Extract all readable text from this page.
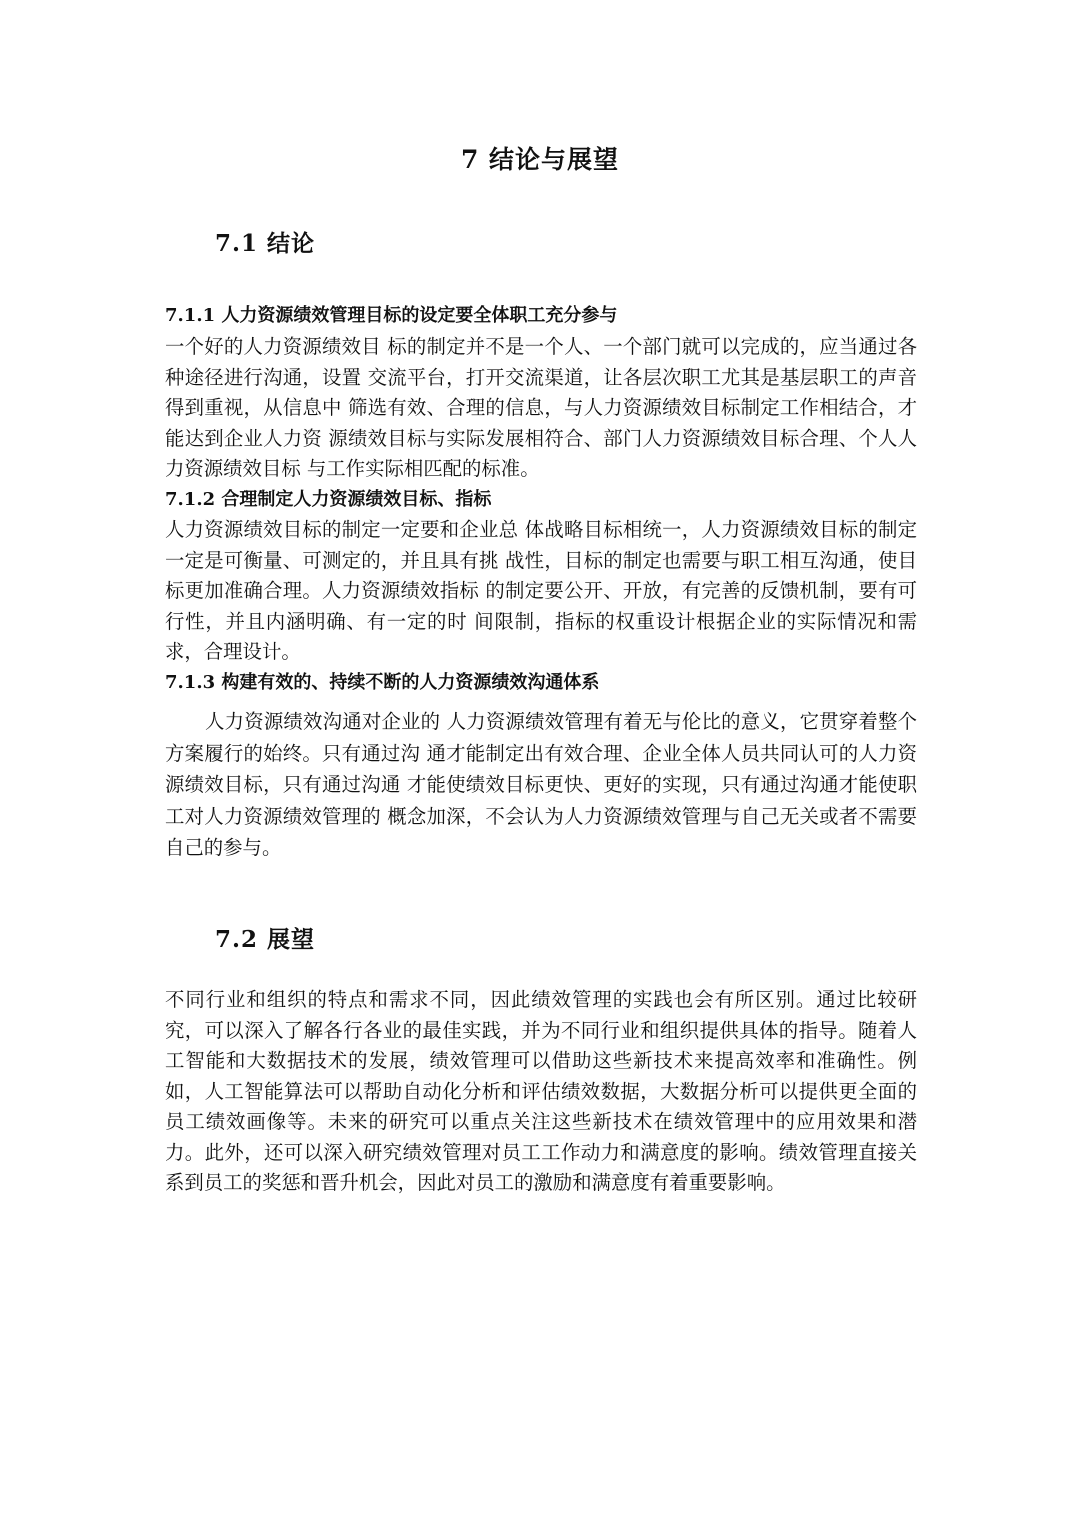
7 结论与展望
7.1 结论
7.1.1 人力资源绩效管理目标的设定要全体职工充分参与

一个好的人力资源绩效目 标的制定并不是一个人、一个部门就可以完成的，应当通过各种途径进行沟通，设置 交流平台，打开交流渠道，让各层次职工尤其是基层职工的声音得到重视，从信息中 筛选有效、合理的信息，与人力资源绩效目标制定工作相结合，才能达到企业人力资 源绩效目标与实际发展相符合、部门人力资源绩效目标合理、个人人力资源绩效目标 与工作实际相匹配的标准。

7.1.2 合理制定人力资源绩效目标、指标

人力资源绩效目标的制定一定要和企业总 体战略目标相统一，人力资源绩效目标的制定一定是可衡量、可测定的，并且具有挑 战性，目标的制定也需要与职工相互沟通，使目标更加准确合理。人力资源绩效指标 的制定要公开、开放，有完善的反馈机制，要有可行性，并且内涵明确、有一定的时 间限制，指标的权重设计根据企业的实际情况和需求，合理设计。

7.1.3 构建有效的、持续不断的人力资源绩效沟通体系

人力资源绩效沟通对企业的 人力资源绩效管理有着无与伦比的意义，它贯穿着整个方案履行的始终。只有通过沟 通才能制定出有效合理、企业全体人员共同认可的人力资源绩效目标，只有通过沟通 才能使绩效目标更快、更好的实现，只有通过沟通才能使职工对人力资源绩效管理的 概念加深，不会认为人力资源绩效管理与自己无关或者不需要自己的参与。

7.2 展望

不同行业和组织的特点和需求不同，因此绩效管理的实践也会有所区别。通过比较研究，可以深入了解各行各业的最佳实践，并为不同行业和组织提供具体的指导。随着人工智能和大数据技术的发展，绩效管理可以借助这些新技术来提高效率和准确性。例如，人工智能算法可以帮助自动化分析和评估绩效数据，大数据分析可以提供更全面的员工绩效画像等。未来的研究可以重点关注这些新技术在绩效管理中的应用效果和潜力。此外，还可以深入研究绩效管理对员工工作动力和满意度的影响。绩效管理直接关系到员工的奖惩和晋升机会，因此对员工的激励和满意度有着重要影响。
